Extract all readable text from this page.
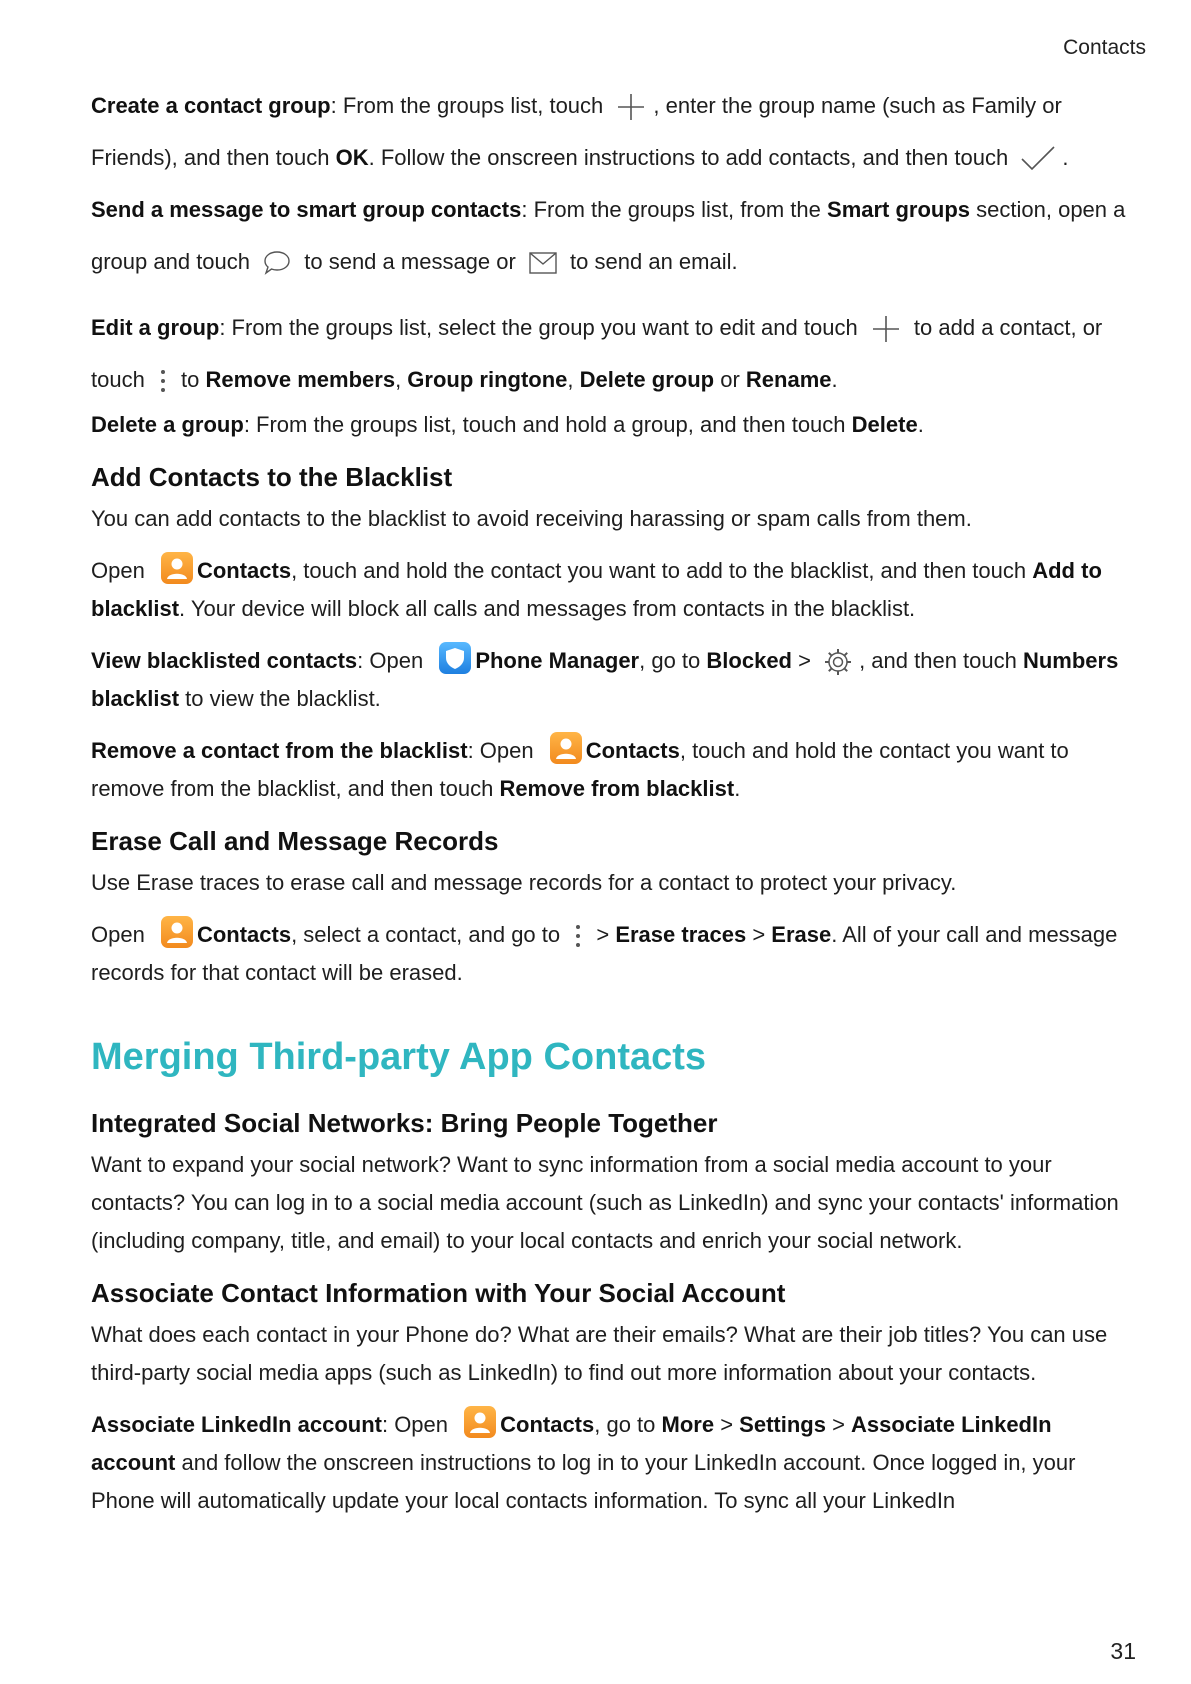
Contacts

Create a contact group: From the groups list, touch
, enter the group name (such as Family or Friends), and then touch OK. Follow the onscreen instructions to add contacts, and then touch
.

Send a message to smart group contacts: From the groups list, from the Smart groups section, open a group and touch
to send a message or
to send an email.

Edit a group: From the groups list, select the group you want to edit and touch
to add a contact, or touch
to Remove members, Group ringtone, Delete group or Rename.

Delete a group: From the groups list, touch and hold a group, and then touch Delete.

Add Contacts to the Blacklist

You can add contacts to the blacklist to avoid receiving harassing or spam calls from them.

Open Contacts, touch and hold the contact you want to add to the blacklist, and then touch Add to blacklist. Your device will block all calls and messages from contacts in the blacklist.

View blacklisted contacts: Open Phone Manager, go to Blocked >
, and then touch Numbers blacklist to view the blacklist.

Remove a contact from the blacklist: Open Contacts, touch and hold the contact you want to remove from the blacklist, and then touch Remove from blacklist.

Erase Call and Message Records

Use Erase traces to erase call and message records for a contact to protect your privacy.

Open Contacts, select a contact, and go to
> Erase traces > Erase. All of your call and message records for that contact will be erased.

Merging Third-party App Contacts
Integrated Social Networks: Bring People Together

Want to expand your social network? Want to sync information from a social media account to your contacts? You can log in to a social media account (such as LinkedIn) and sync your contacts' information (including company, title, and email) to your local contacts and enrich your social network.

Associate Contact Information with Your Social Account

What does each contact in your Phone do? What are their emails? What are their job titles? You can use third-party social media apps (such as LinkedIn) to find out more information about your contacts.

Associate LinkedIn account: Open Contacts, go to More > Settings > Associate LinkedIn account and follow the onscreen instructions to log in to your LinkedIn account. Once logged in, your Phone will automatically update your local contacts information. To sync all your LinkedIn

31
